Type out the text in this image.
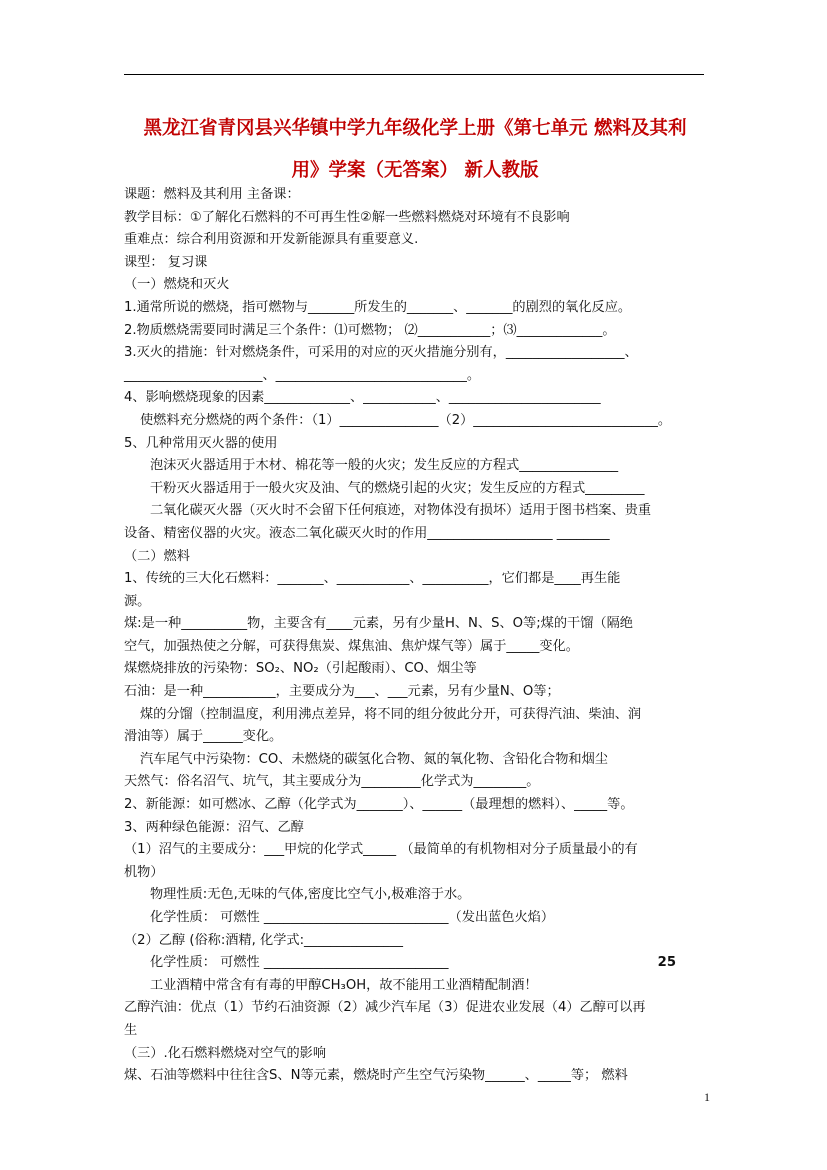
黑龙江省青冈县兴华镇中学九年级化学上册《第七单元 燃料及其利
用》学案（无答案） 新人教版
课题：燃料及其利用 主备课：
教学目标：①了解化石燃料的不可再生性②解一些燃料燃烧对环境有不良影响
重难点：综合利用资源和开发新能源具有重要意义.
课型： 复习课
（一）燃烧和灭火
1.通常所说的燃烧，指可燃物与_______所发生的_______、_______的剧烈的氧化反应。
2.物质燃烧需要同时满足三个条件：⑴可燃物； ⑵___________；⑶_____________。
3.灭火的措施：针对燃烧条件，可采用的对应的灭火措施分别有，__________________、
_____________________、_____________________________。
4、影响燃烧现象的因素_____________、___________、_______________________
使燃料充分燃烧的两个条件：（1）_______________（2）____________________________。
5、几种常用灭火器的使用
泡沫灭火器适用于木材、棉花等一般的火灾；发生反应的方程式_______________
干粉灭火器适用于一般火灾及油、气的燃烧引起的火灾；发生反应的方程式_________
二氧化碳灭火器（灭火时不会留下任何痕迹，对物体没有损坏）适用于图书档案、贵重
设备、精密仪器的火灾。液态二氧化碳灭火时的作用___________________ ________
（二）燃料
1、传统的三大化石燃料：_______、___________、__________，它们都是____再生能
源。
煤:是一种__________物，主要含有____元素，另有少量H、N、S、O等;煤的干馏（隔绝
空气，加强热使之分解，可获得焦炭、煤焦油、焦炉煤气等）属于_____变化。
煤燃烧排放的污染物：SO₂、NO₂（引起酸雨）、CO、烟尘等
石油：是一种___________，主要成分为___、___元素，另有少量N、O等；
煤的分馏（控制温度，利用沸点差异，将不同的组分彼此分开，可获得汽油、柴油、润
滑油等）属于______变化。
汽车尾气中污染物：CO、未燃烧的碳氢化合物、氮的氧化物、含铅化合物和烟尘
天然气：俗名沼气、坑气，其主要成分为_________化学式为________。
2、新能源：如可燃冰、乙醇（化学式为_______）、______（最理想的燃料）、_____等。
3、两种绿色能源：沼气、乙醇
（1）沼气的主要成分：___甲烷的化学式_____ （最简单的有机物相对分子质量最小的有
机物）
物理性质:无色,无味的气体,密度比空气小,极难溶于水。
化学性质： 可燃性 ____________________________（发出蓝色火焰）
（2）乙醇 (俗称:酒精, 化学式:_______________
化学性质： 可燃性 ____________________________	25
工业酒精中常含有有毒的甲醇CH₃OH，故不能用工业酒精配制酒！
乙醇汽油：优点（1）节约石油资源（2）减少汽车尾（3）促进农业发展（4）乙醇可以再
生
（三）.化石燃料燃烧对空气的影响
煤、石油等燃料中往往含S、N等元素，燃烧时产生空气污染物______、_____等； 燃料
1
